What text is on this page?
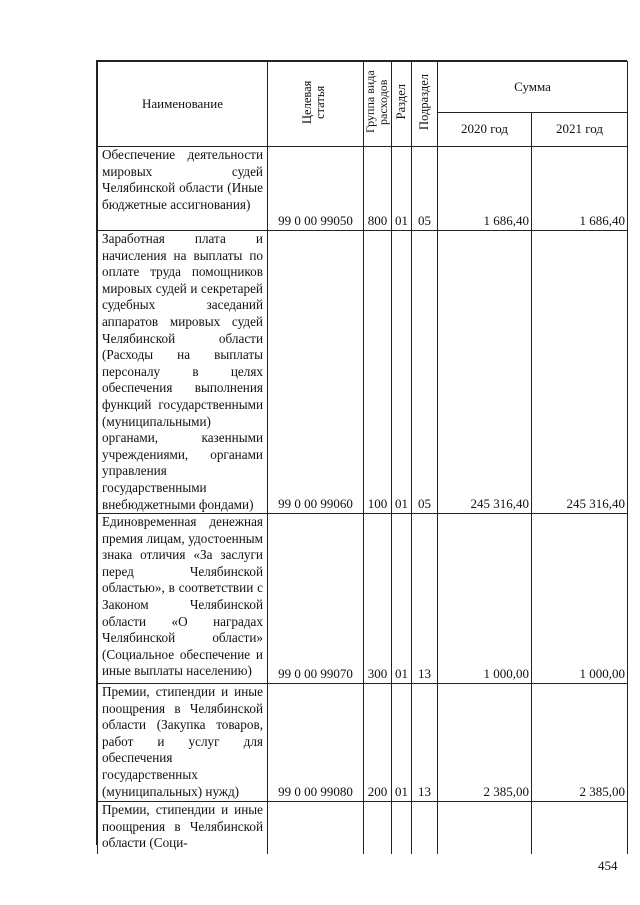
Наименование	Целевая статья	Группа вида расходов	Раздел	Подраздел	Сумма	
					2020 год	2021 год
Обеспечение деятельности мировых судей Челябинской области (Иные бюджетные ассигнования)	99 0 00 99050	800	01	05	1 686,40	1 686,40
Заработная плата и начисления на выплаты по оплате труда помощников мировых судей и секретарей судебных заседаний аппаратов мировых судей Челябинской области (Расходы на выплаты персоналу в целях обеспечения выполнения функций государственными (муниципальными) органами, казенными учреждениями, органами управления государственными внебюджетными фондами)	99 0 00 99060	100	01	05	245 316,40	245 316,40
Единовременная денежная премия лицам, удостоенным знака отличия «За заслуги перед Челябинской областью», в соответствии с Законом Челябинской области «О наградах Челябинской области» (Социальное обеспечение и иные выплаты населению)	99 0 00 99070	300	01	13	1 000,00	1 000,00
Премии, стипендии и иные поощрения в Челябинской области (Закупка товаров, работ и услуг для обеспечения государственных (муниципальных) нужд)	99 0 00 99080	200	01	13	2 385,00	2 385,00
Премии, стипендии и иные поощрения в Челябинской области (Соци-						
454
